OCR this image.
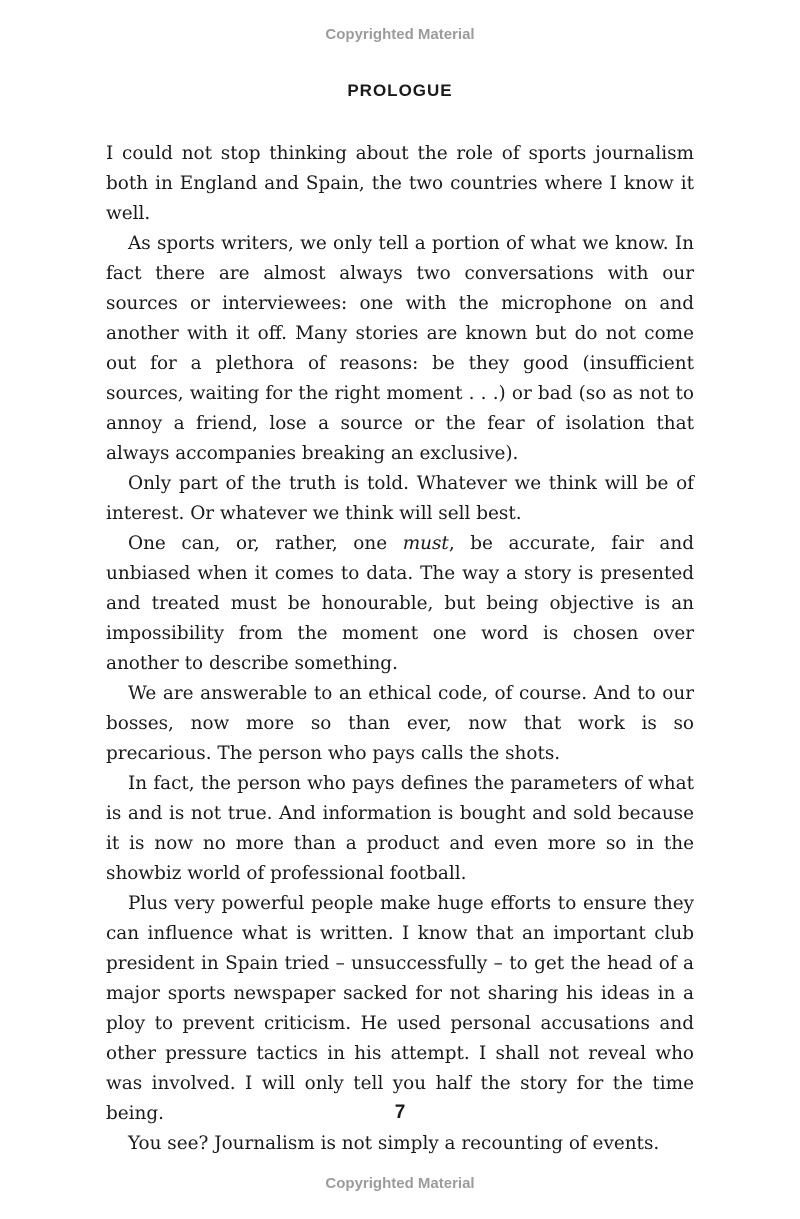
Copyrighted Material
PROLOGUE

I could not stop thinking about the role of sports journalism both in England and Spain, the two countries where I know it well.

As sports writers, we only tell a portion of what we know. In fact there are almost always two conversations with our sources or interviewees: one with the microphone on and another with it off. Many stories are known but do not come out for a plethora of reasons: be they good (insufficient sources, waiting for the right moment . . .) or bad (so as not to annoy a friend, lose a source or the fear of isolation that always accompanies breaking an exclusive).

Only part of the truth is told. Whatever we think will be of interest. Or whatever we think will sell best.

One can, or, rather, one must, be accurate, fair and unbiased when it comes to data. The way a story is presented and treated must be honourable, but being objective is an impossibility from the moment one word is chosen over another to describe something.

We are answerable to an ethical code, of course. And to our bosses, now more so than ever, now that work is so precarious. The person who pays calls the shots.

In fact, the person who pays defines the parameters of what is and is not true. And information is bought and sold because it is now no more than a product and even more so in the showbiz world of professional football.

Plus very powerful people make huge efforts to ensure they can influence what is written. I know that an important club president in Spain tried – unsuccessfully – to get the head of a major sports newspaper sacked for not sharing his ideas in a ploy to prevent criticism. He used personal accusations and other pressure tactics in his attempt. I shall not reveal who was involved. I will only tell you half the story for the time being.

You see? Journalism is not simply a recounting of events.

7
Copyrighted Material
